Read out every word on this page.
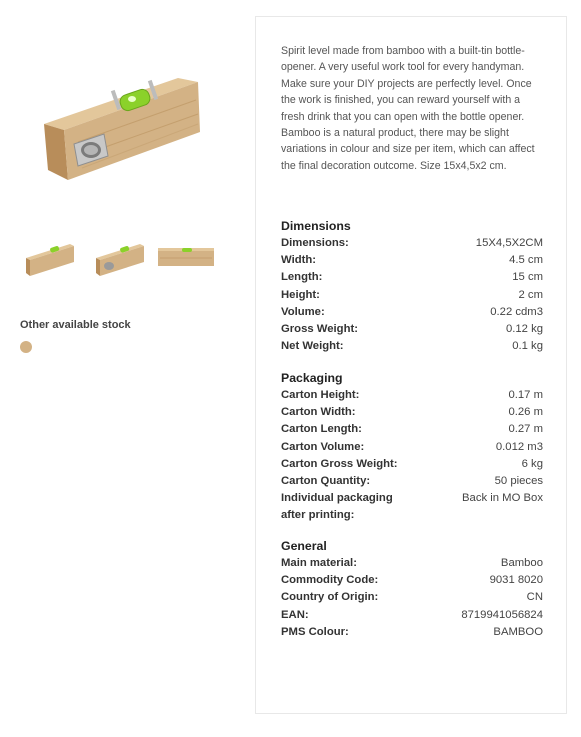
Other available stock

Spirit level made from bamboo with a built-tin bottle-opener. A very useful work tool for every handyman. Make sure your DIY projects are perfectly level. Once the work is finished, you can reward yourself with a fresh drink that you can open with the bottle opener. Bamboo is a natural product, there may be slight variations in colour and size per item, which can affect the final decoration outcome. Size 15x4,5x2 cm.

Dimensions
Dimensions:	15X4,5X2CM
Width:	4.5 cm
Length:	15 cm
Height:	2 cm
Volume:	0.22 cdm3
Gross Weight:	0.12 kg
Net Weight:	0.1 kg
Packaging
Carton Height:	0.17 m
Carton Width:	0.26 m
Carton Length:	0.27 m
Carton Volume:	0.012 m3
Carton Gross Weight:	6 kg
Carton Quantity:	50 pieces
Individual packaging after printing:
Back in MO Box
General
Main material:	Bamboo
Commodity Code:	9031 8020
Country of Origin:	CN
EAN:	8719941056824
PMS Colour:	BAMBOO
